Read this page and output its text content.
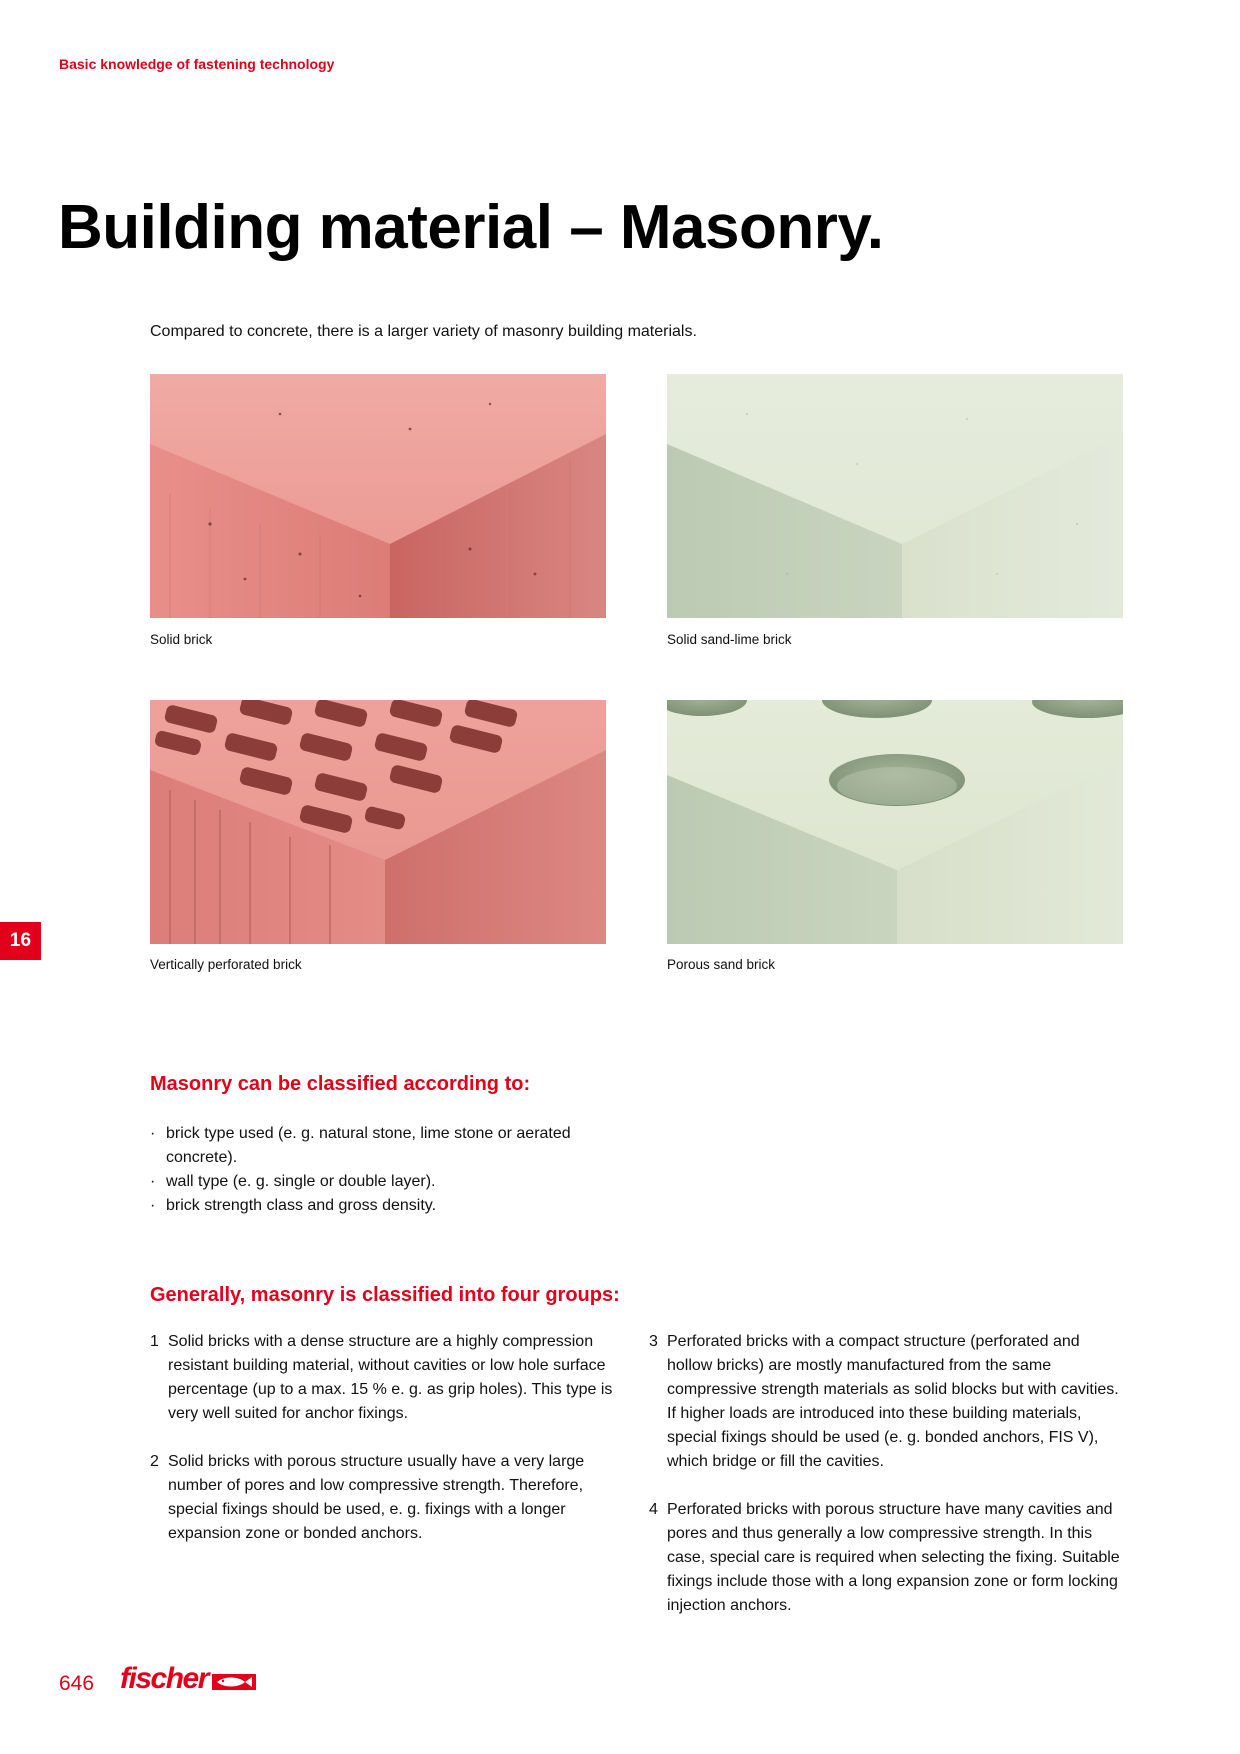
Basic knowledge of fastening technology
Building material – Masonry.

Compared to concrete, there is a larger variety of masonry building materials.

Solid brick	Solid sand-lime brick
Vertically perforated brick	Porous sand brick
16
Masonry can be classified according to:
· brick type used (e. g. natural stone, lime stone or aerated concrete).
· wall type (e. g. single or double layer).
· brick strength class and gross density.
Generally, masonry is classified into four groups:
1 Solid bricks with a dense structure are a highly compression resistant building material, without cavities or low hole surface percentage (up to a max. 15 % e. g. as grip holes). This type is very well suited for anchor fixings.
2 Solid bricks with porous structure usually have a very large number of pores and low compressive strength. Therefore, special fixings should be used, e. g. fixings with a longer expansion zone or bonded anchors.
3 Perforated bricks with a compact structure (perforated and hollow bricks) are mostly manufactured from the same compressive strength materials as solid blocks but with cavities. If higher loads are introduced into these building materials, special fixings should be used (e. g. bonded anchors, FIS V), which bridge or fill the cavities.
4 Perforated bricks with porous structure have many cavities and pores and thus generally a low compressive strength. In this case, special care is required when selecting the fixing. Suitable fixings include those with a long expansion zone or form locking injection anchors.
646 fischer
